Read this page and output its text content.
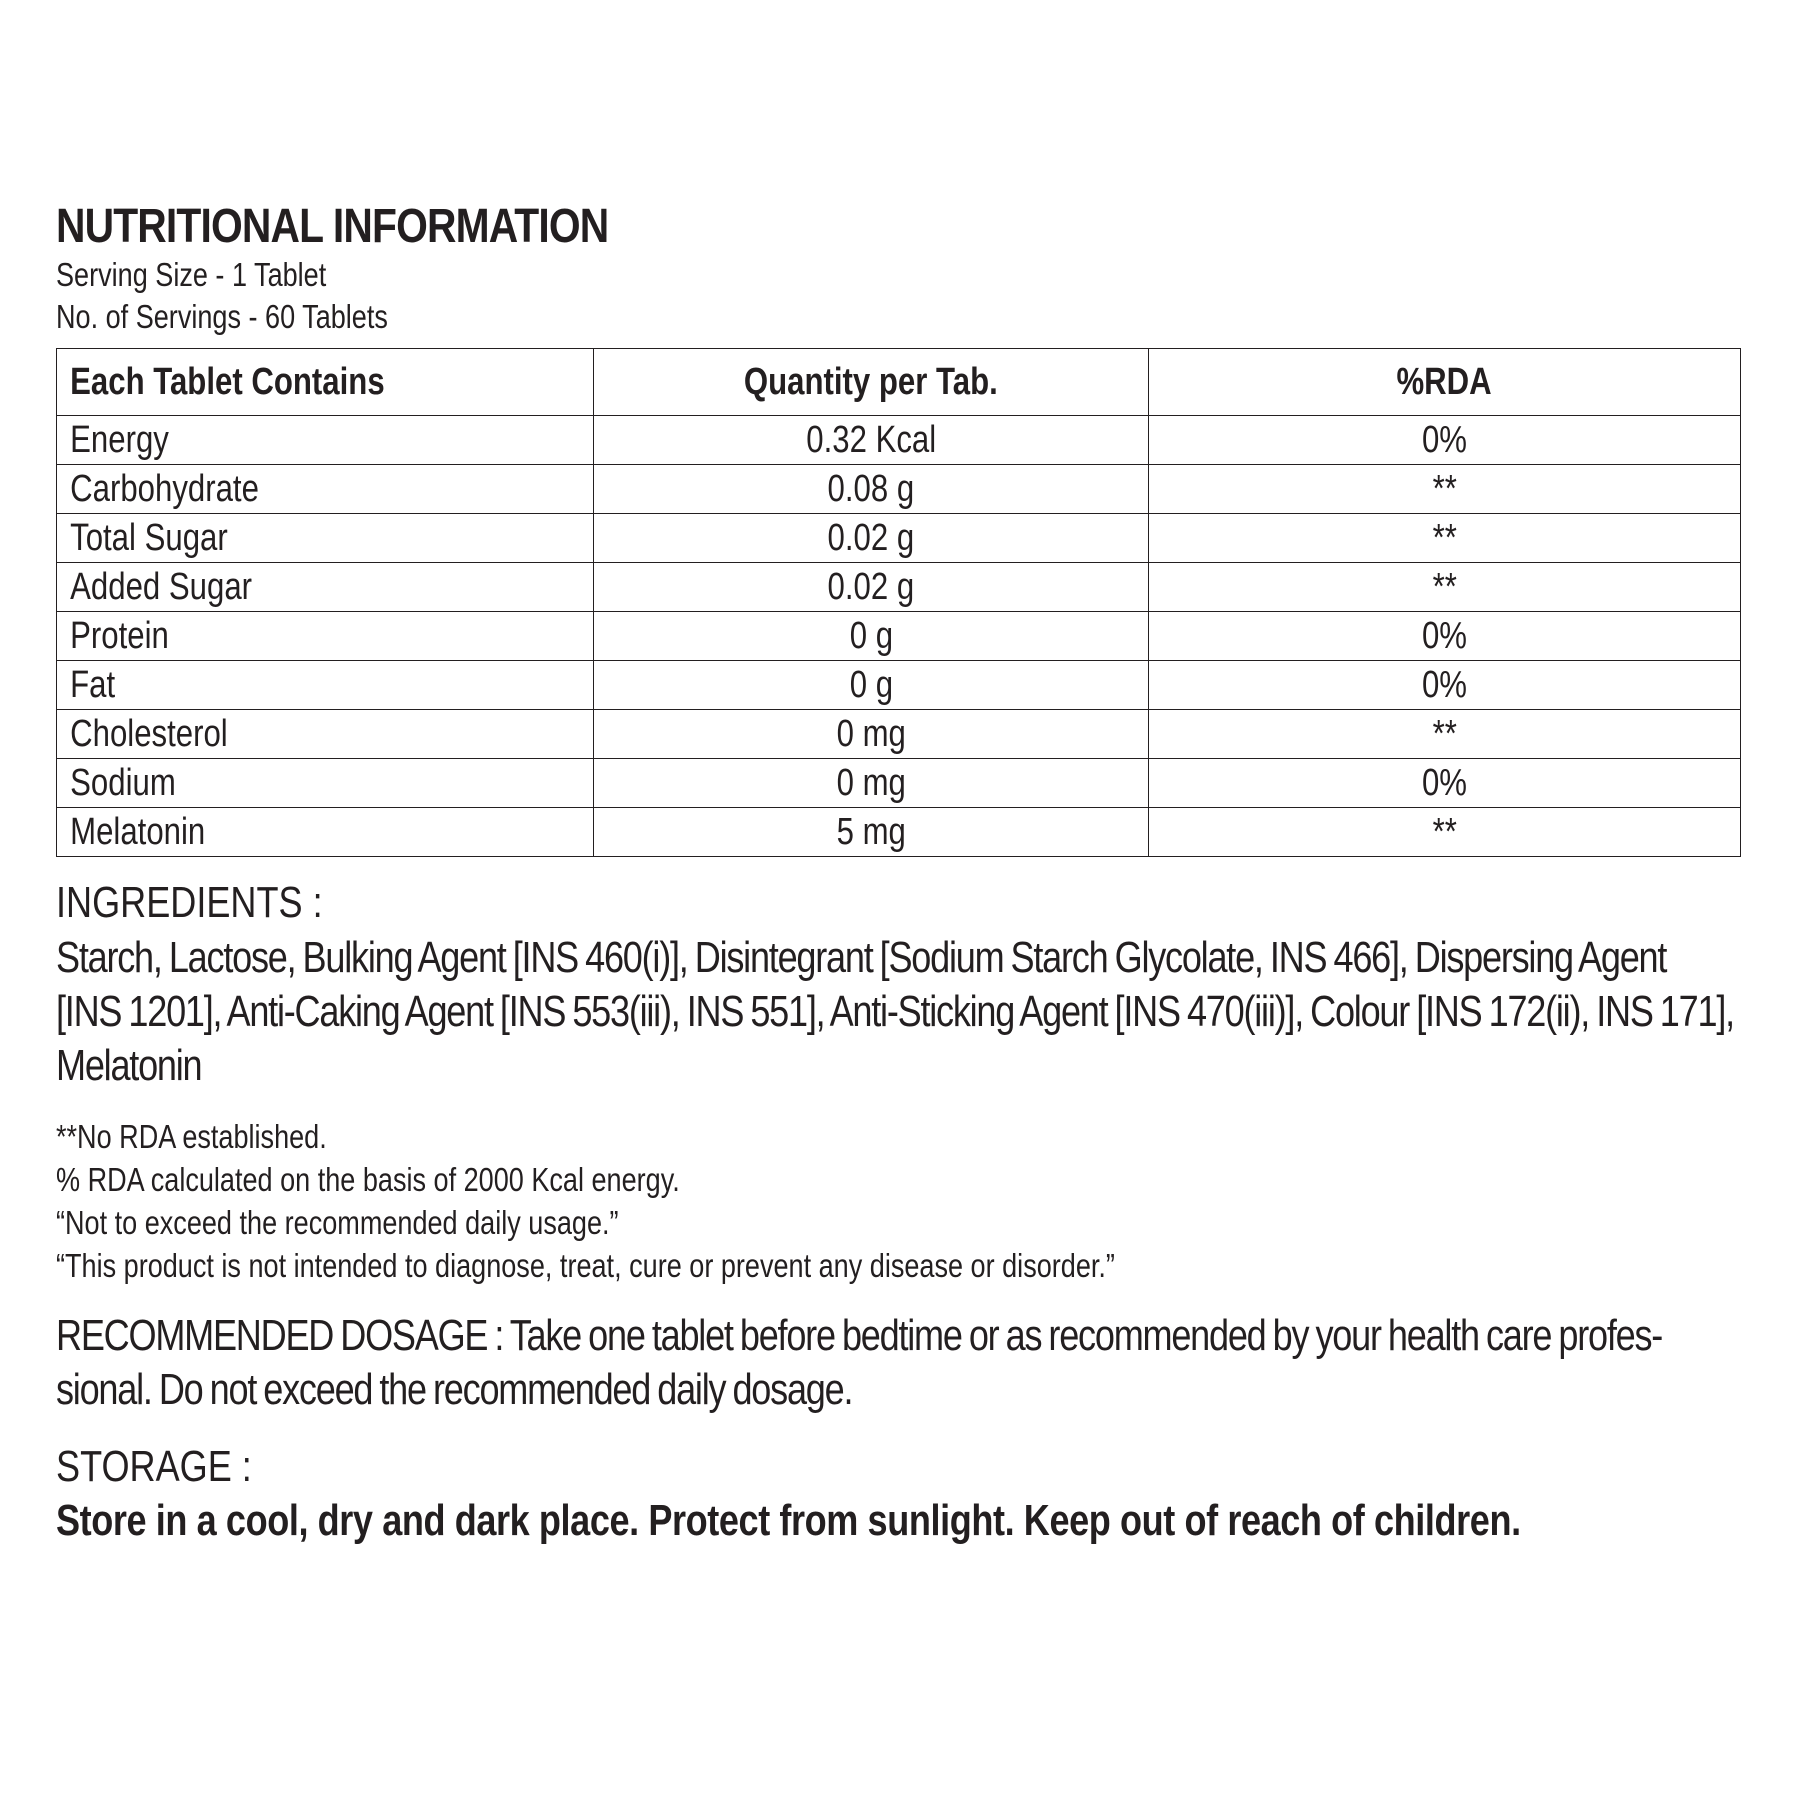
NUTRITIONAL INFORMATION
Serving Size - 1 Tablet
No. of Servings - 60 Tablets
Each Tablet Contains	Quantity per Tab.	%RDA
Energy	0.32 Kcal	0%
Carbohydrate	0.08 g	**
Total Sugar	0.02 g	**
Added Sugar	0.02 g	**
Protein	0 g	0%
Fat	0 g	0%
Cholesterol	0 mg	**
Sodium	0 mg	0%
Melatonin	5 mg	**
INGREDIENTS :
Starch, Lactose, Bulking Agent [INS 460(i)], Disintegrant [Sodium Starch Glycolate, INS 466], Dispersing Agent [INS 1201], Anti-Caking Agent [INS 553(iii), INS 551], Anti-Sticking Agent [INS 470(iii)], Colour [INS 172(ii), INS 171], Melatonin
**No RDA established.
% RDA calculated on the basis of 2000 Kcal energy.
“Not to exceed the recommended daily usage.”
“This product is not intended to diagnose, treat, cure or prevent any disease or disorder.”
RECOMMENDED DOSAGE : Take one tablet before bedtime or as recommended by your health care profes-sional. Do not exceed the recommended daily dosage.
STORAGE :
Store in a cool, dry and dark place. Protect from sunlight. Keep out of reach of children.
